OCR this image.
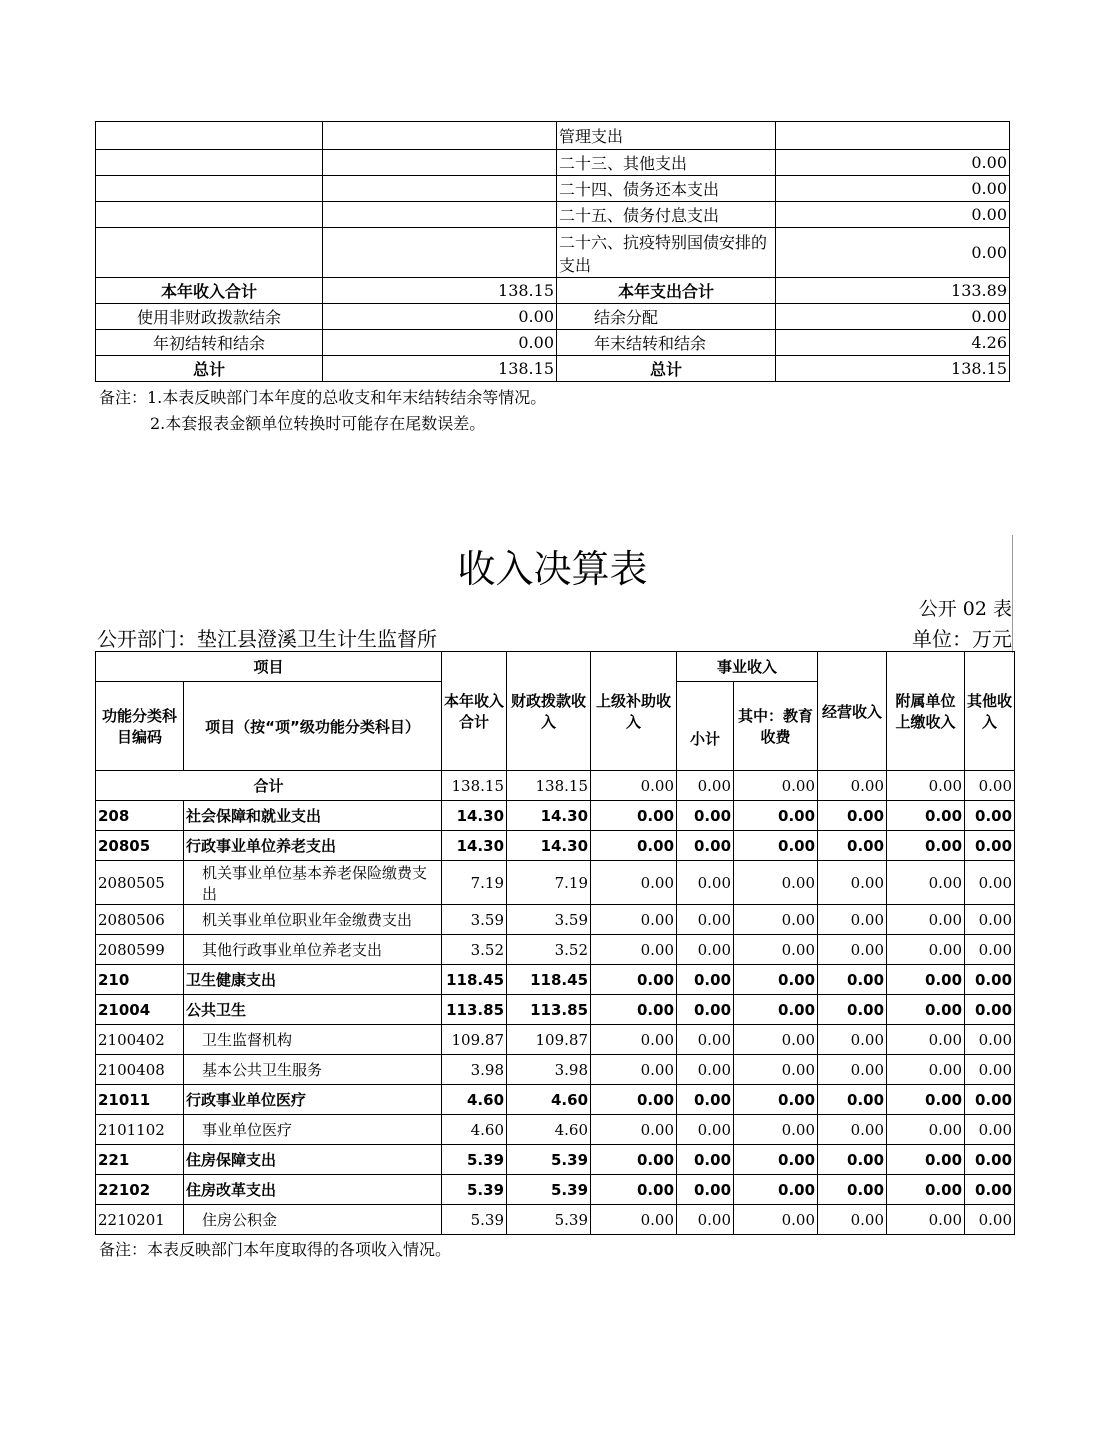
		管理支出	
		二十三、其他支出	0.00
		二十四、债务还本支出	0.00
		二十五、债务付息支出	0.00
		二十六、抗疫特别国债安排的支出	0.00
本年收入合计	138.15	本年支出合计	133.89
使用非财政拨款结余	0.00	结余分配	0.00
年初结转和结余	0.00	年末结转和结余	4.26
总计	138.15	总计	138.15
备注：1.本表反映部门本年度的总收支和年末结转结余等情况。
2.本套报表金额单位转换时可能存在尾数误差。
收入决算表
公开 02 表
公开部门：垫江县澄溪卫生计生监督所	单位：万元
项目		本年收入合计	财政拨款收入	上级补助收入	事业收入		经营收入	附属单位上缴收入	其他收入
功能分类科目编码	项目（按“项”级功能分类科目）				小计	其中：教育收费			
合计		138.15	138.15	0.00	0.00	0.00	0.00	0.00	0.00
208	社会保障和就业支出	14.30	14.30	0.00	0.00	0.00	0.00	0.00	0.00
20805	行政事业单位养老支出	14.30	14.30	0.00	0.00	0.00	0.00	0.00	0.00
2080505	机关事业单位基本养老保险缴费支出	7.19	7.19	0.00	0.00	0.00	0.00	0.00	0.00
2080506	机关事业单位职业年金缴费支出	3.59	3.59	0.00	0.00	0.00	0.00	0.00	0.00
2080599	其他行政事业单位养老支出	3.52	3.52	0.00	0.00	0.00	0.00	0.00	0.00
210	卫生健康支出	118.45	118.45	0.00	0.00	0.00	0.00	0.00	0.00
21004	公共卫生	113.85	113.85	0.00	0.00	0.00	0.00	0.00	0.00
2100402	卫生监督机构	109.87	109.87	0.00	0.00	0.00	0.00	0.00	0.00
2100408	基本公共卫生服务	3.98	3.98	0.00	0.00	0.00	0.00	0.00	0.00
21011	行政事业单位医疗	4.60	4.60	0.00	0.00	0.00	0.00	0.00	0.00
2101102	事业单位医疗	4.60	4.60	0.00	0.00	0.00	0.00	0.00	0.00
221	住房保障支出	5.39	5.39	0.00	0.00	0.00	0.00	0.00	0.00
22102	住房改革支出	5.39	5.39	0.00	0.00	0.00	0.00	0.00	0.00
2210201	住房公积金	5.39	5.39	0.00	0.00	0.00	0.00	0.00	0.00
备注：本表反映部门本年度取得的各项收入情况。
